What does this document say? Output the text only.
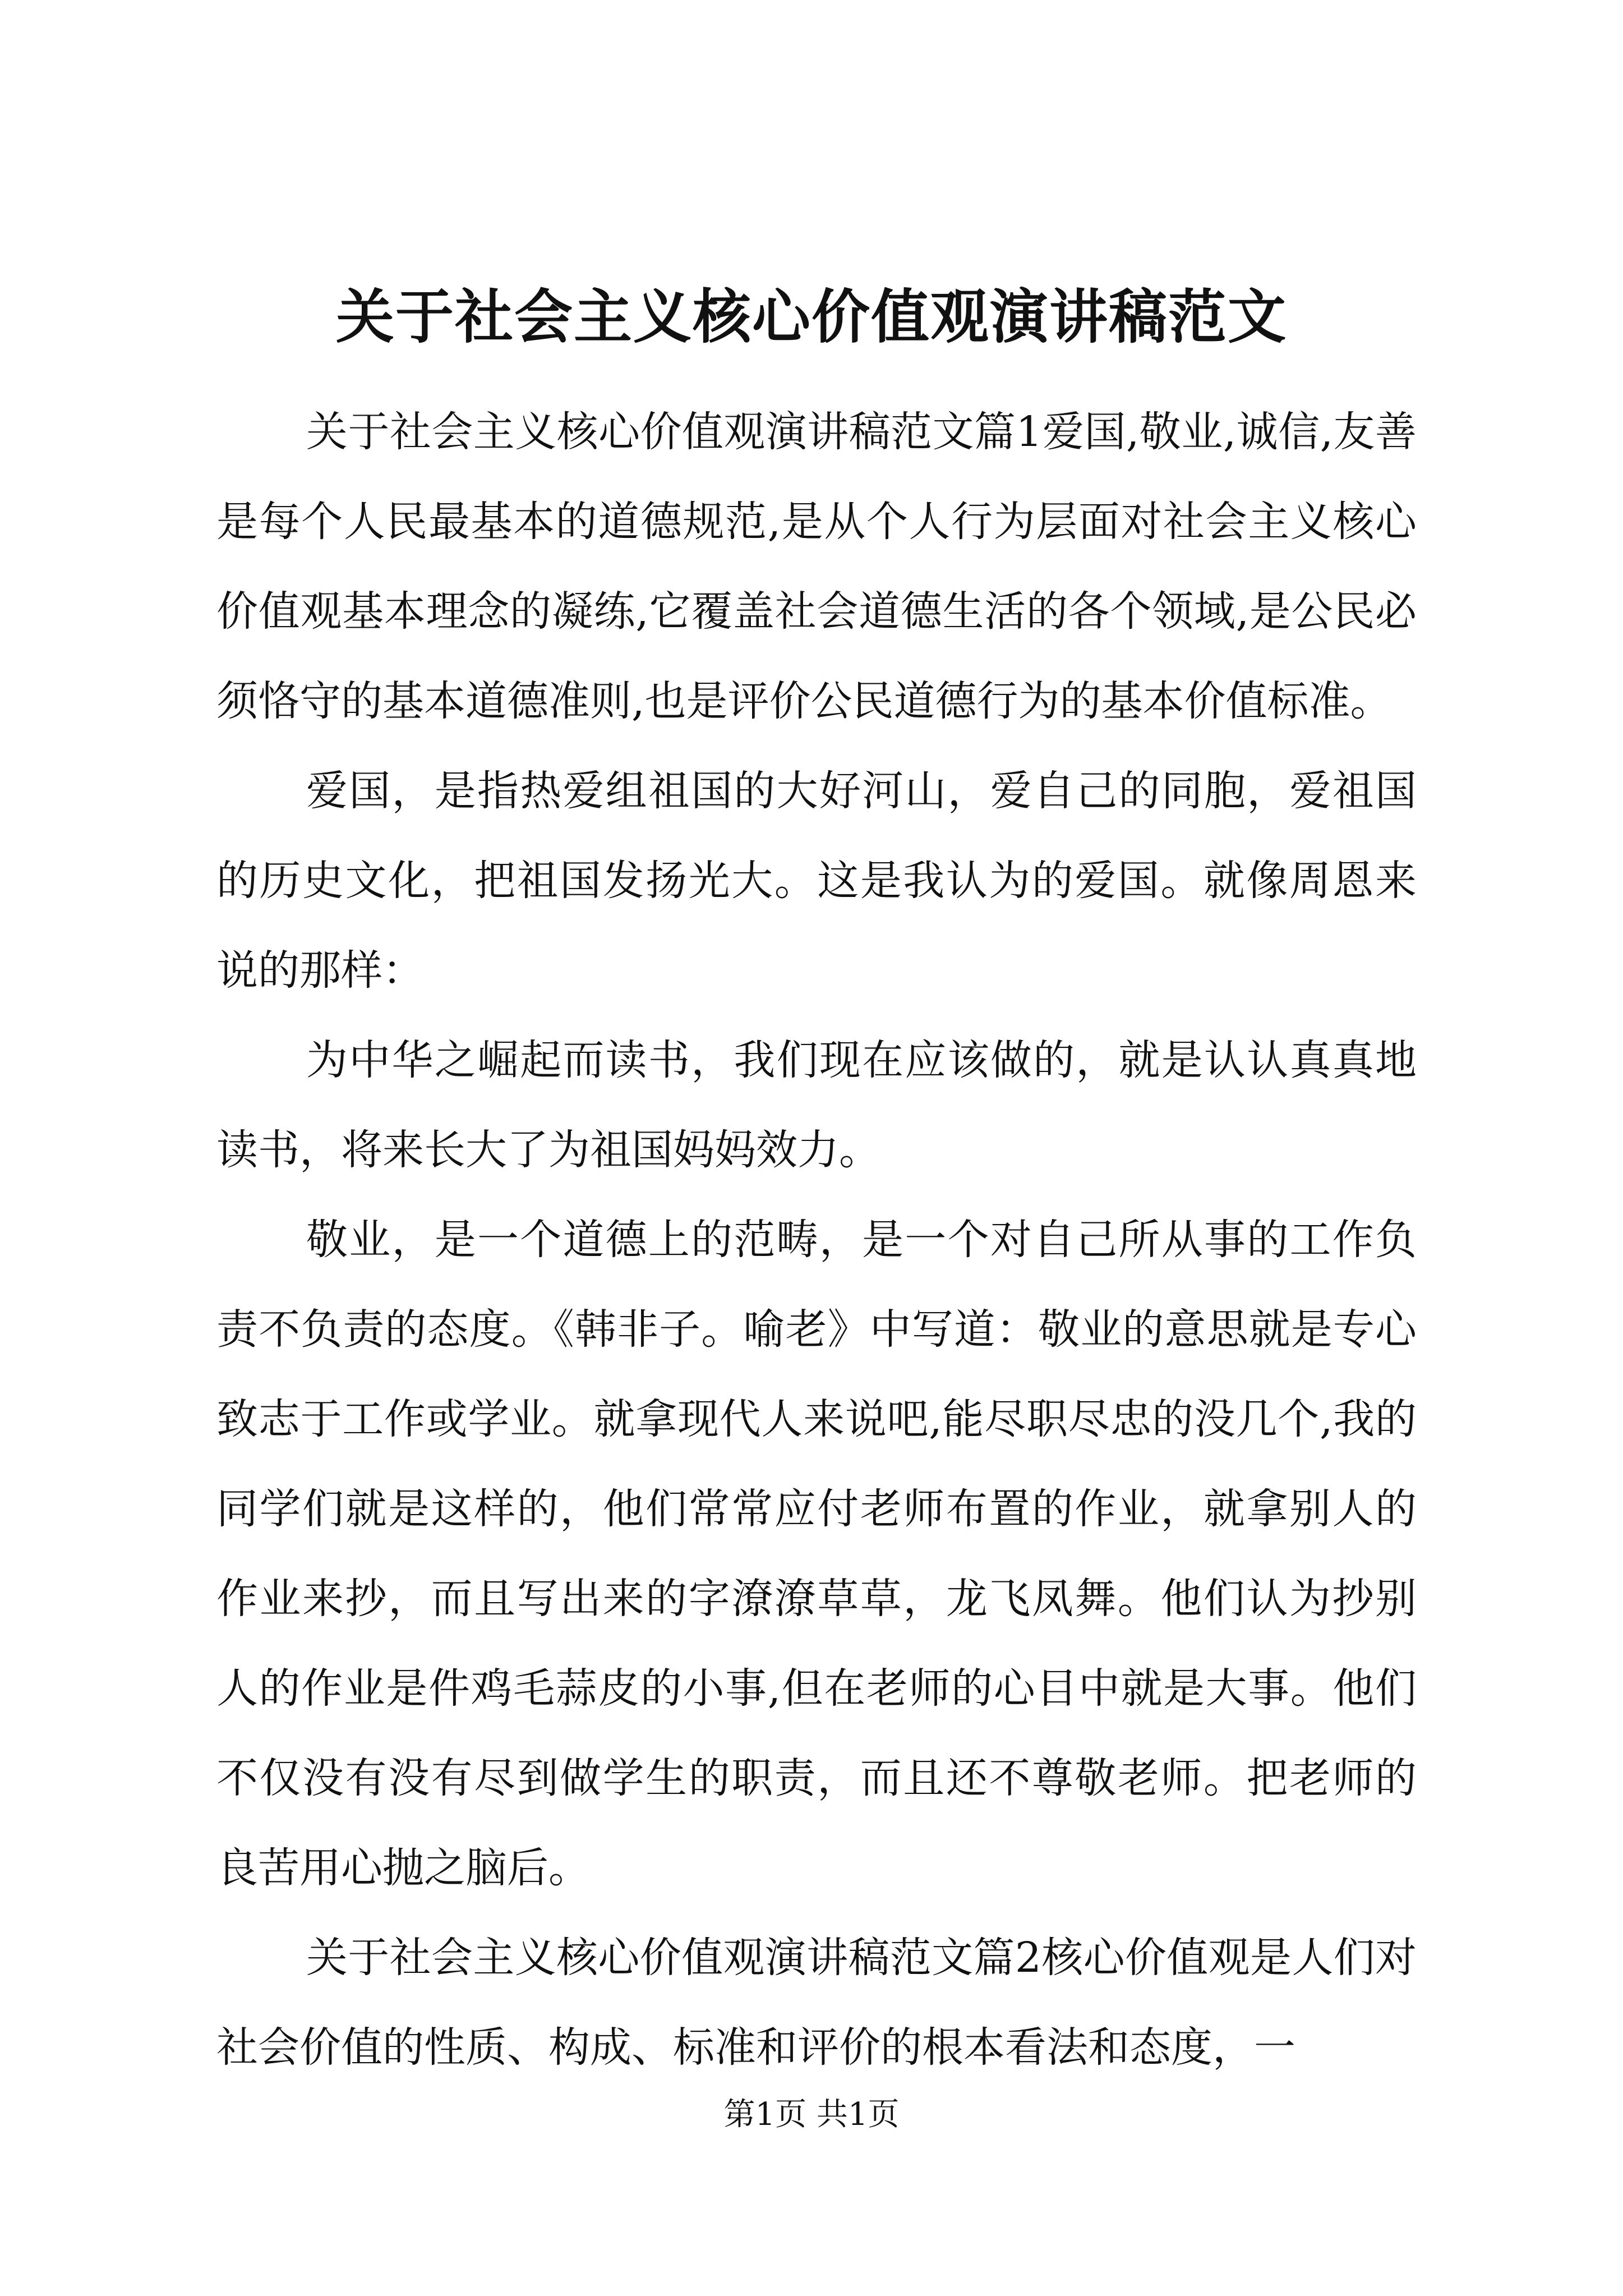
关于社会主义核心价值观演讲稿范文

关于社会主义核心价值观演讲稿范文篇1爱国,敬业,诚信,友善是每个人民最基本的道德规范,是从个人行为层面对社会主义核心价值观基本理念的凝练,它覆盖社会道德生活的各个领域,是公民必须恪守的基本道德准则,也是评价公民道德行为的基本价值标准。

爱国，是指热爱组祖国的大好河山，爱自己的同胞，爱祖国的历史文化，把祖国发扬光大。这是我认为的爱国。就像周恩来说的那样：

为中华之崛起而读书，我们现在应该做的，就是认认真真地读书，将来长大了为祖国妈妈效力。

敬业，是一个道德上的范畴，是一个对自己所从事的工作负责不负责的态度。《韩非子。喻老》中写道：敬业的意思就是专心致志于工作或学业。就拿现代人来说吧,能尽职尽忠的没几个,我的同学们就是这样的，他们常常应付老师布置的作业，就拿别人的作业来抄，而且写出来的字潦潦草草，龙飞凤舞。他们认为抄别人的作业是件鸡毛蒜皮的小事,但在老师的心目中就是大事。他们不仅没有没有尽到做学生的职责，而且还不尊敬老师。把老师的良苦用心抛之脑后。

关于社会主义核心价值观演讲稿范文篇2核心价值观是人们对社会价值的性质、构成、标准和评价的根本看法和态度，一

第1页 共1页
